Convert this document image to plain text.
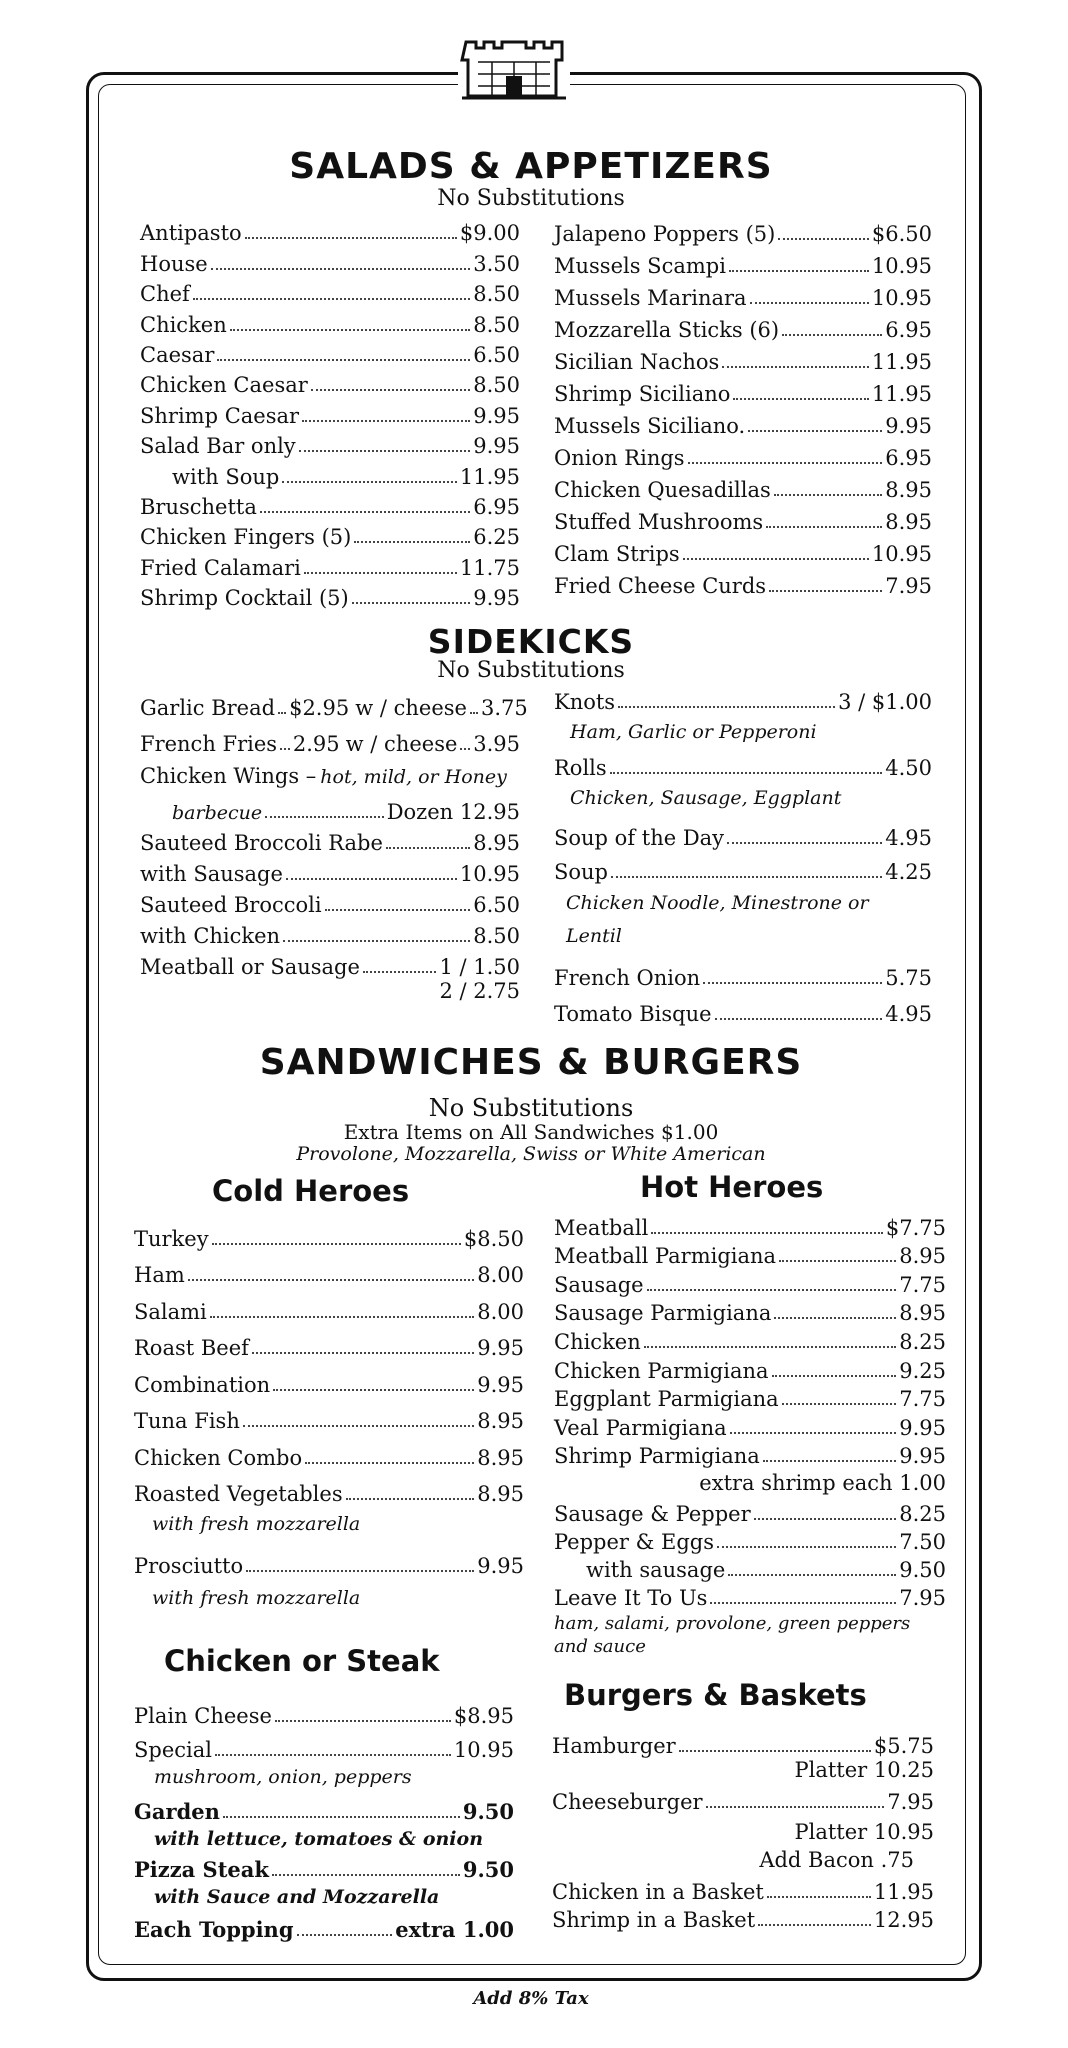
SALADS & APPETIZERS
No Substitutions
Antipasto	$9.00
House	3.50
Chef	8.50
Chicken	8.50
Caesar	6.50
Chicken Caesar	8.50
Shrimp Caesar	9.95
Salad Bar only	9.95
with Soup	11.95
Bruschetta	6.95
Chicken Fingers (5)	6.25
Fried Calamari	11.75
Shrimp Cocktail (5)	9.95
Jalapeno Poppers (5)	$6.50
Mussels Scampi	10.95
Mussels Marinara	10.95
Mozzarella Sticks (6)	6.95
Sicilian Nachos	11.95
Shrimp Siciliano	11.95
Mussels Siciliano.	9.95
Onion Rings	6.95
Chicken Quesadillas	8.95
Stuffed Mushrooms	8.95
Clam Strips	10.95
Fried Cheese Curds	7.95
SIDEKICKS
No Substitutions
Garlic Bread $2.95 w / cheese 3.75
French Fries 2.95 w / cheese 3.95
Chicken Wings – hot, mild, or Honey
barbecue	Dozen 12.95
Sauteed Broccoli Rabe	8.95
with Sausage	10.95
Sauteed Broccoli	6.50
with Chicken	8.50
Meatball or Sausage	1 / 1.50
2 / 2.75
Knots	3 / $1.00
Ham, Garlic or Pepperoni
Rolls	4.50
Chicken, Sausage, Eggplant
Soup of the Day	4.95
Soup	4.25
Chicken Noodle, Minestrone or
Lentil
French Onion	5.75
Tomato Bisque	4.95
SANDWICHES & BURGERS
No Substitutions
Extra Items on All Sandwiches $1.00
Provolone, Mozzarella, Swiss or White American
Cold Heroes	Hot Heroes
Turkey	$8.50
Ham	8.00
Salami	8.00
Roast Beef	9.95
Combination	9.95
Tuna Fish	8.95
Chicken Combo	8.95
Roasted Vegetables	8.95
with fresh mozzarella
Prosciutto	9.95
with fresh mozzarella
Meatball	$7.75
Meatball Parmigiana	8.95
Sausage	7.75
Sausage Parmigiana	8.95
Chicken	8.25
Chicken Parmigiana	9.25
Eggplant Parmigiana	7.75
Veal Parmigiana	9.95
Shrimp Parmigiana	9.95
extra shrimp each 1.00
Sausage & Pepper	8.25
Pepper & Eggs	7.50
with sausage	9.50
Leave It To Us	7.95
ham, salami, provolone, green peppers
and sauce
Chicken or Steak
Plain Cheese	$8.95
Special	10.95
mushroom, onion, peppers
Garden	9.50
with lettuce, tomatoes & onion
Pizza Steak	9.50
with Sauce and Mozzarella
Each Topping	extra 1.00
Burgers & Baskets
Hamburger	$5.75
Platter 10.25
Cheeseburger	7.95
Platter 10.95
Add Bacon .75
Chicken in a Basket	11.95
Shrimp in a Basket	12.95
Add 8% Tax
